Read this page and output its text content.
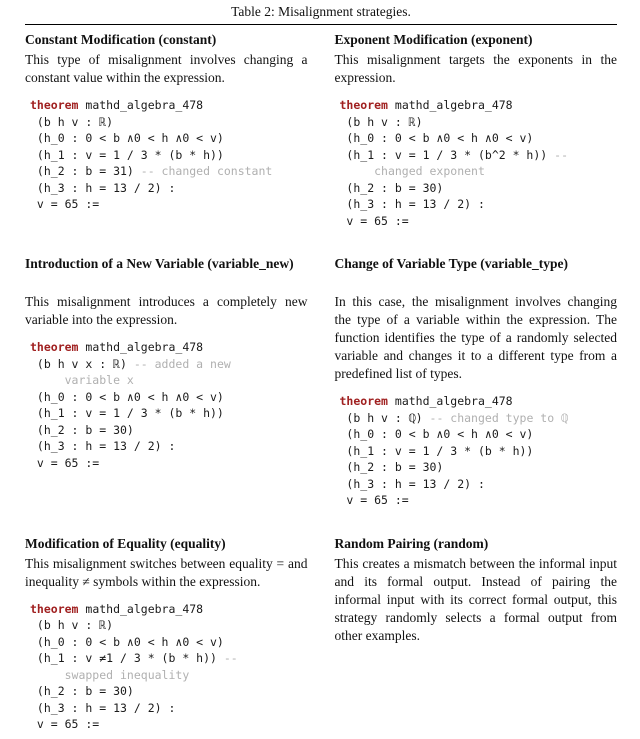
Table 2: Misalignment strategies.
Constant Modification (constant)

This type of misalignment involves changing a constant value within the expression.

theorem mathd_algebra_478
(b h v : ℝ)
(h_0 : 0 < b ∧0 < h ∧0 < v)
(h_1 : v = 1 / 3 * (b * h))
(h_2 : b = 31) -- changed constant
(h_3 : h = 13 / 2) :
v = 65 :=
Exponent Modification (exponent)

This misalignment targets the exponents in the expression.

theorem mathd_algebra_478
(b h v : ℝ)
(h_0 : 0 < b ∧0 < h ∧0 < v)
(h_1 : v = 1 / 3 * (b^2 * h)) --
changed exponent
(h_2 : b = 30)
(h_3 : h = 13 / 2) :
v = 65 :=
Introduction of a New Variable (variable_new)

This misalignment introduces a completely new variable into the expression.

theorem mathd_algebra_478
(b h v x : ℝ) -- added a new
variable x
(h_0 : 0 < b ∧0 < h ∧0 < v)
(h_1 : v = 1 / 3 * (b * h))
(h_2 : b = 30)
(h_3 : h = 13 / 2) :
v = 65 :=
Change of Variable Type (variable_type)

In this case, the misalignment involves changing the type of a variable within the expression. The function identifies the type of a randomly selected variable and changes it to a different type from a predefined list of types.

theorem mathd_algebra_478
(b h v : ℚ) -- changed type to ℚ
(h_0 : 0 < b ∧0 < h ∧0 < v)
(h_1 : v = 1 / 3 * (b * h))
(h_2 : b = 30)
(h_3 : h = 13 / 2) :
v = 65 :=
Modification of Equality (equality)

This misalignment switches between equality = and inequality ≠ symbols within the expression.

theorem mathd_algebra_478
(b h v : ℝ)
(h_0 : 0 < b ∧0 < h ∧0 < v)
(h_1 : v ≠1 / 3 * (b * h)) --
swapped inequality
(h_2 : b = 30)
(h_3 : h = 13 / 2) :
v = 65 :=
Random Pairing (random)

This creates a mismatch between the informal input and its formal output. Instead of pairing the informal input with its correct formal output, this strategy randomly selects a formal output from other examples.
